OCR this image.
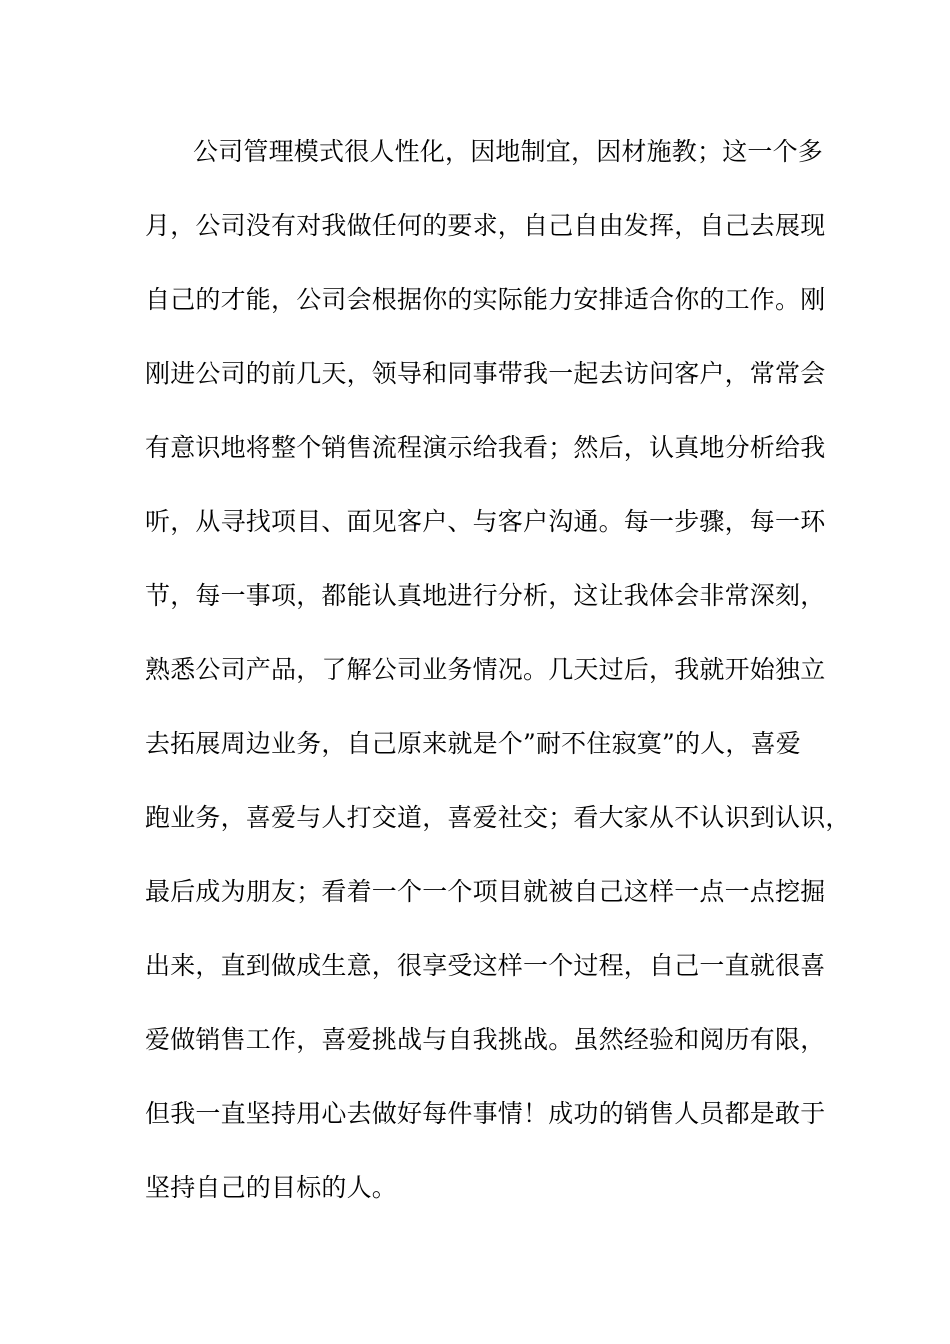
公司管理模式很人性化，因地制宜，因材施教；这一个多
月，公司没有对我做任何的要求，自己自由发挥，自己去展现
自己的才能，公司会根据你的实际能力安排适合你的工作。刚
刚进公司的前几天，领导和同事带我一起去访问客户，常常会
有意识地将整个销售流程演示给我看；然后，认真地分析给我
听，从寻找项目、面见客户、与客户沟通。每一步骤，每一环
节，每一事项，都能认真地进行分析，这让我体会非常深刻，
熟悉公司产品，了解公司业务情况。几天过后，我就开始独立
去拓展周边业务，自己原来就是个”耐不住寂寞”的人，喜爱
跑业务，喜爱与人打交道，喜爱社交；看大家从不认识到认识，
最后成为朋友；看着一个一个项目就被自己这样一点一点挖掘
出来，直到做成生意，很享受这样一个过程，自己一直就很喜
爱做销售工作，喜爱挑战与自我挑战。虽然经验和阅历有限，
但我一直坚持用心去做好每件事情！成功的销售人员都是敢于
坚持自己的目标的人。
